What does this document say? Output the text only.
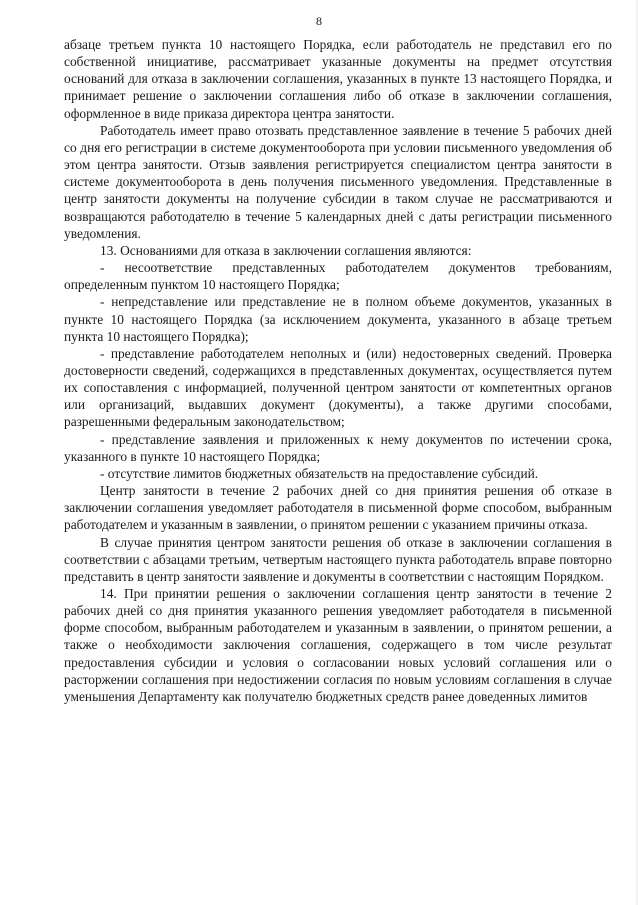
8

абзаце третьем пункта 10 настоящего Порядка, если работодатель не представил его по собственной инициативе, рассматривает указанные документы на предмет отсутствия оснований для отказа в заключении соглашения, указанных в пункте 13 настоящего Порядка, и принимает решение о заключении соглашения либо об отказе в заключении соглашения, оформленное в виде приказа директора центра занятости.

Работодатель имеет право отозвать представленное заявление в течение 5 рабочих дней со дня его регистрации в системе документооборота при условии письменного уведомления об этом центра занятости. Отзыв заявления регистрируется специалистом центра занятости в системе документооборота в день получения письменного уведомления. Представленные в центр занятости документы на получение субсидии в таком случае не рассматриваются и возвращаются работодателю в течение 5 календарных дней с даты регистрации письменного уведомления.

13. Основаниями для отказа в заключении соглашения являются:

- несоответствие представленных работодателем документов требованиям, определенным пунктом 10 настоящего Порядка;

- непредставление или представление не в полном объеме документов, указанных в пункте 10 настоящего Порядка (за исключением документа, указанного в абзаце третьем пункта 10 настоящего Порядка);

- представление работодателем неполных и (или) недостоверных сведений. Проверка достоверности сведений, содержащихся в представленных документах, осуществляется путем их сопоставления с информацией, полученной центром занятости от компетентных органов или организаций, выдавших документ (документы), а также другими способами, разрешенными федеральным законодательством;

- представление заявления и приложенных к нему документов по истечении срока, указанного в пункте 10 настоящего Порядка;

- отсутствие лимитов бюджетных обязательств на предоставление субсидий.

Центр занятости в течение 2 рабочих дней со дня принятия решения об отказе в заключении соглашения уведомляет работодателя в письменной форме способом, выбранным работодателем и указанным в заявлении, о принятом решении с указанием причины отказа.

В случае принятия центром занятости решения об отказе в заключении соглашения в соответствии с абзацами третьим, четвертым настоящего пункта работодатель вправе повторно представить в центр занятости заявление и документы в соответствии с настоящим Порядком.

14. При принятии решения о заключении соглашения центр занятости в течение 2 рабочих дней со дня принятия указанного решения уведомляет работодателя в письменной форме способом, выбранным работодателем и указанным в заявлении, о принятом решении, а также о необходимости заключения соглашения, содержащего в том числе результат предоставления субсидии и условия о согласовании новых условий соглашения или о расторжении соглашения при недостижении согласия по новым условиям соглашения в случае уменьшения Департаменту как получателю бюджетных средств ранее доведенных лимитов
